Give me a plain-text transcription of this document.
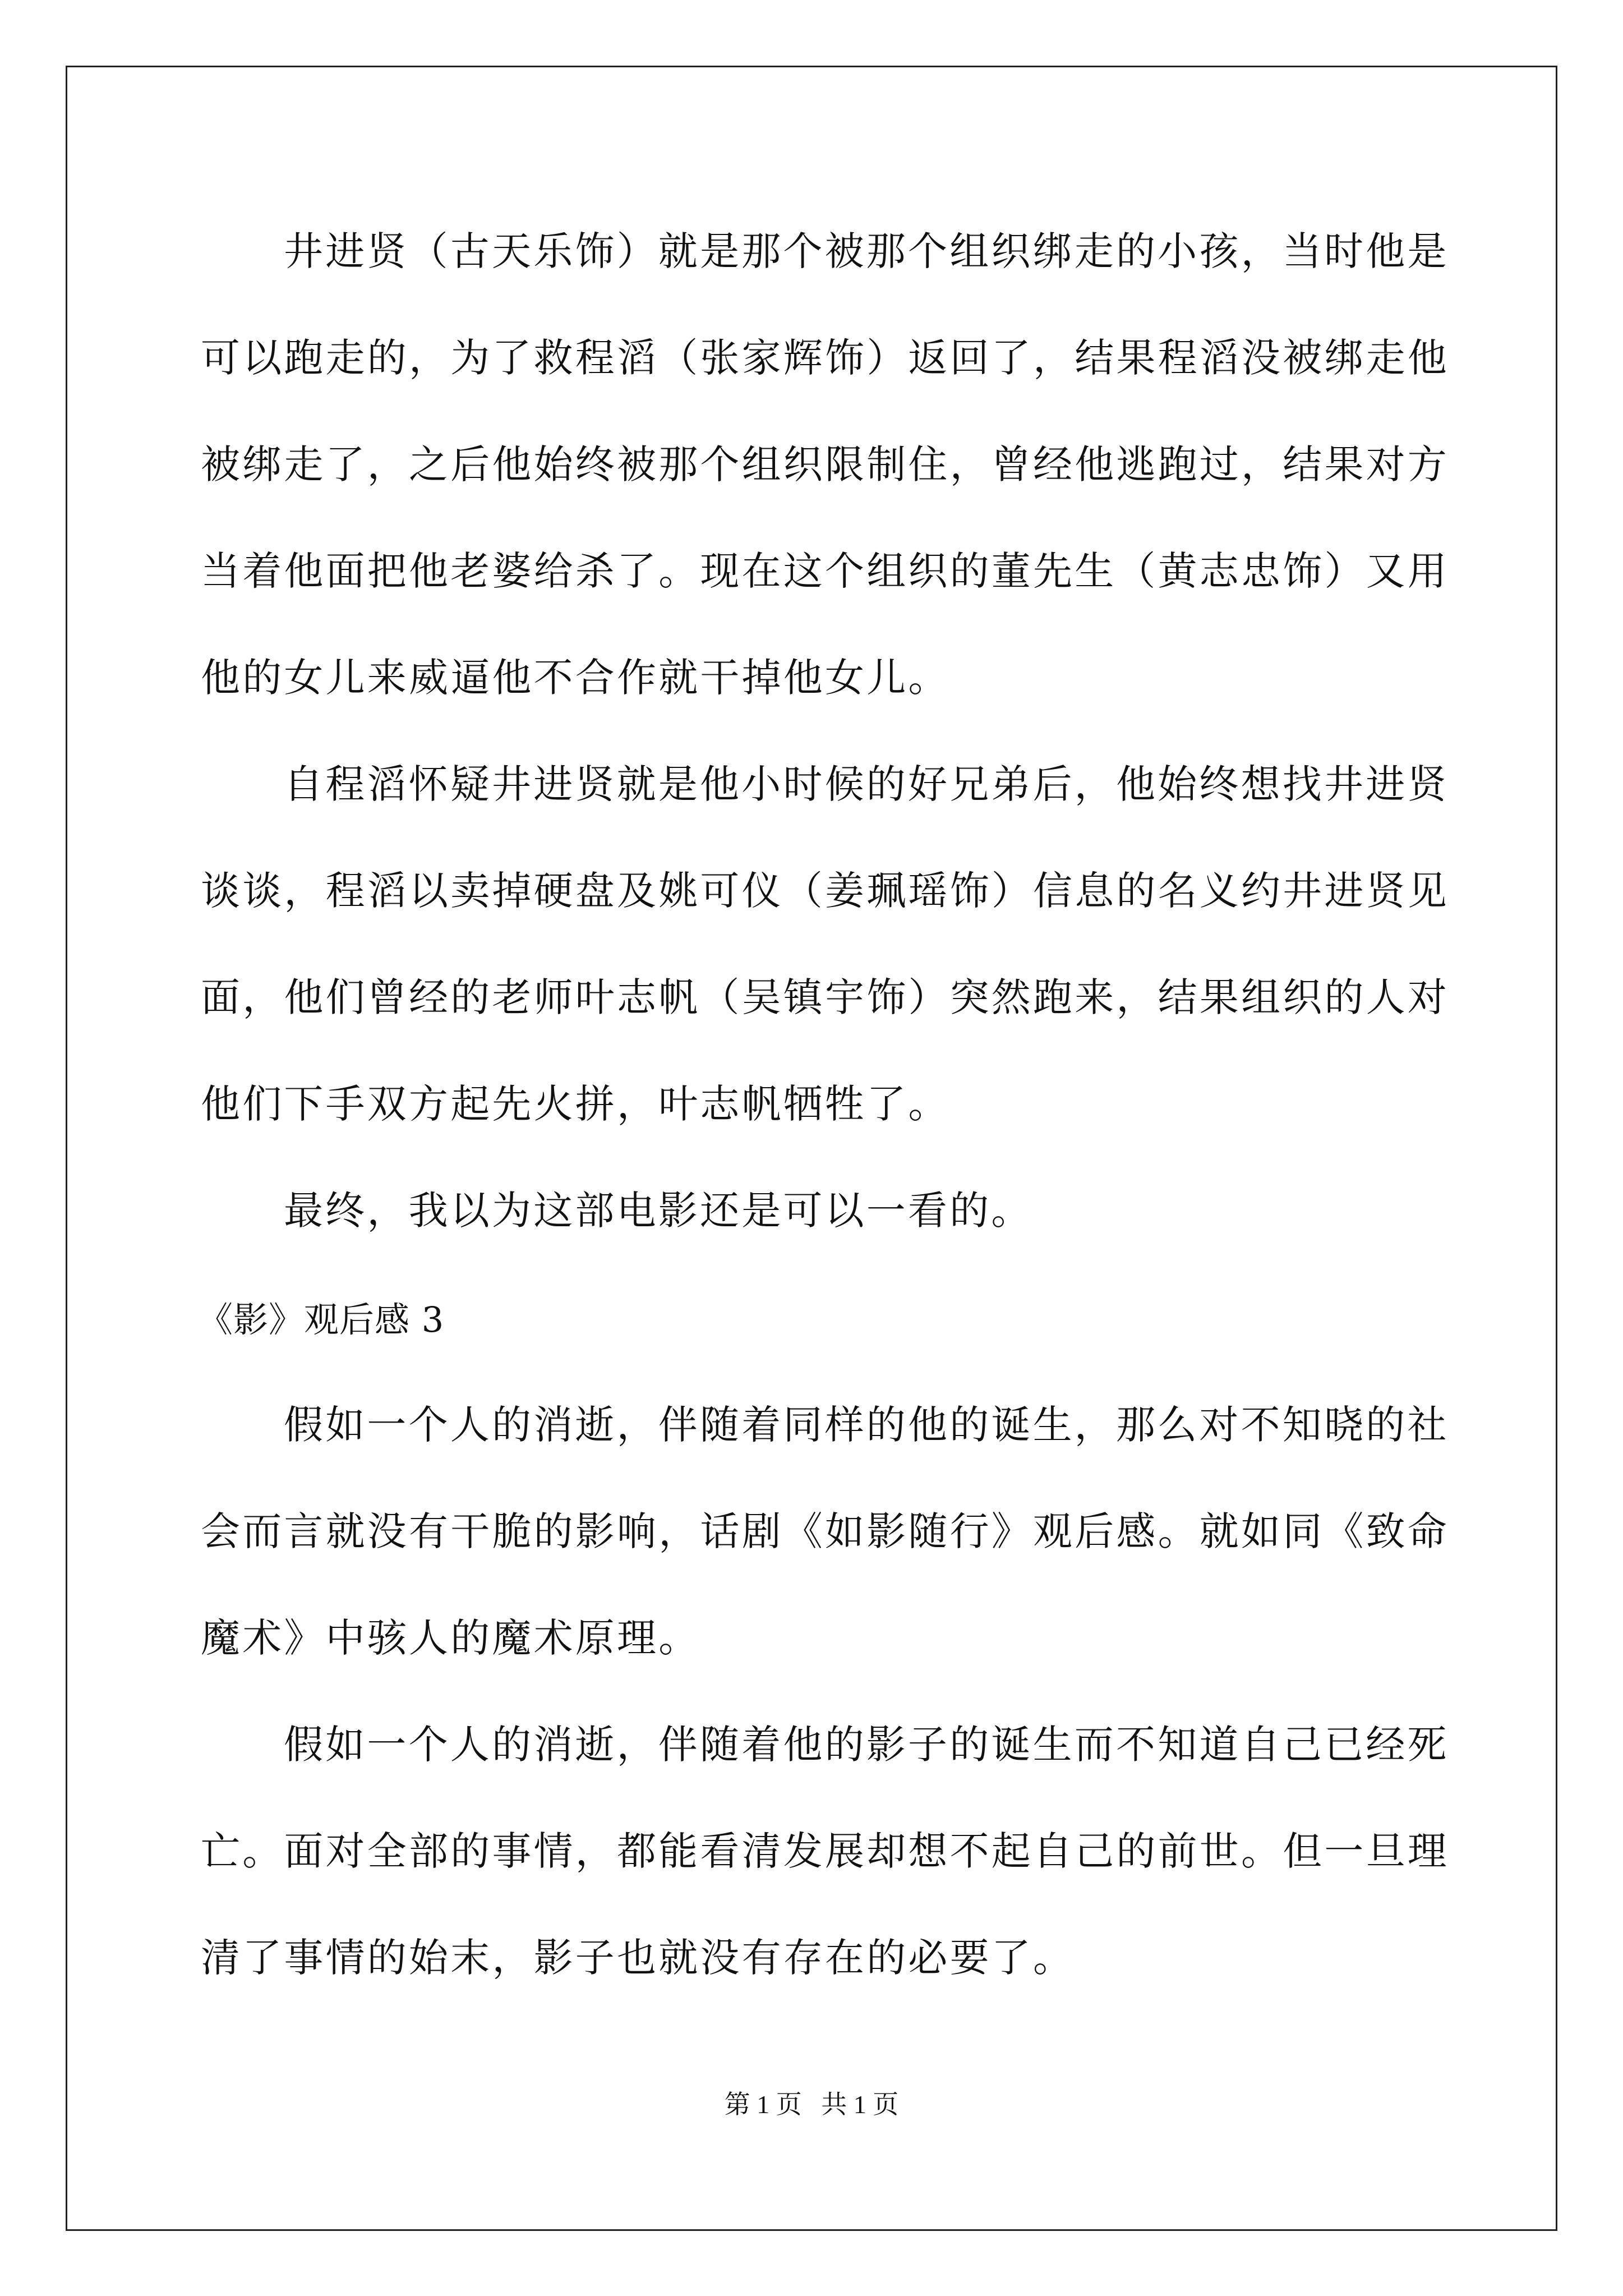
井进贤（古天乐饰）就是那个被那个组织绑走的小孩，当时他是
可以跑走的，为了救程滔（张家辉饰）返回了，结果程滔没被绑走他
被绑走了，之后他始终被那个组织限制住，曾经他逃跑过，结果对方
当着他面把他老婆给杀了。现在这个组织的董先生（黄志忠饰）又用
他的女儿来威逼他不合作就干掉他女儿。
自程滔怀疑井进贤就是他小时候的好兄弟后，他始终想找井进贤
谈谈，程滔以卖掉硬盘及姚可仪（姜珮瑶饰）信息的名义约井进贤见
面，他们曾经的老师叶志帆（吴镇宇饰）突然跑来，结果组织的人对
他们下手双方起先火拼，叶志帆牺牲了。
最终，我以为这部电影还是可以一看的。
《影》观后感 3
假如一个人的消逝，伴随着同样的他的诞生，那么对不知晓的社
会而言就没有干脆的影响，话剧《如影随行》观后感。就如同《致命
魔术》中骇人的魔术原理。
假如一个人的消逝，伴随着他的影子的诞生而不知道自己已经死
亡。面对全部的事情，都能看清发展却想不起自己的前世。但一旦理
清了事情的始末，影子也就没有存在的必要了。
第 1 页   共 1 页
